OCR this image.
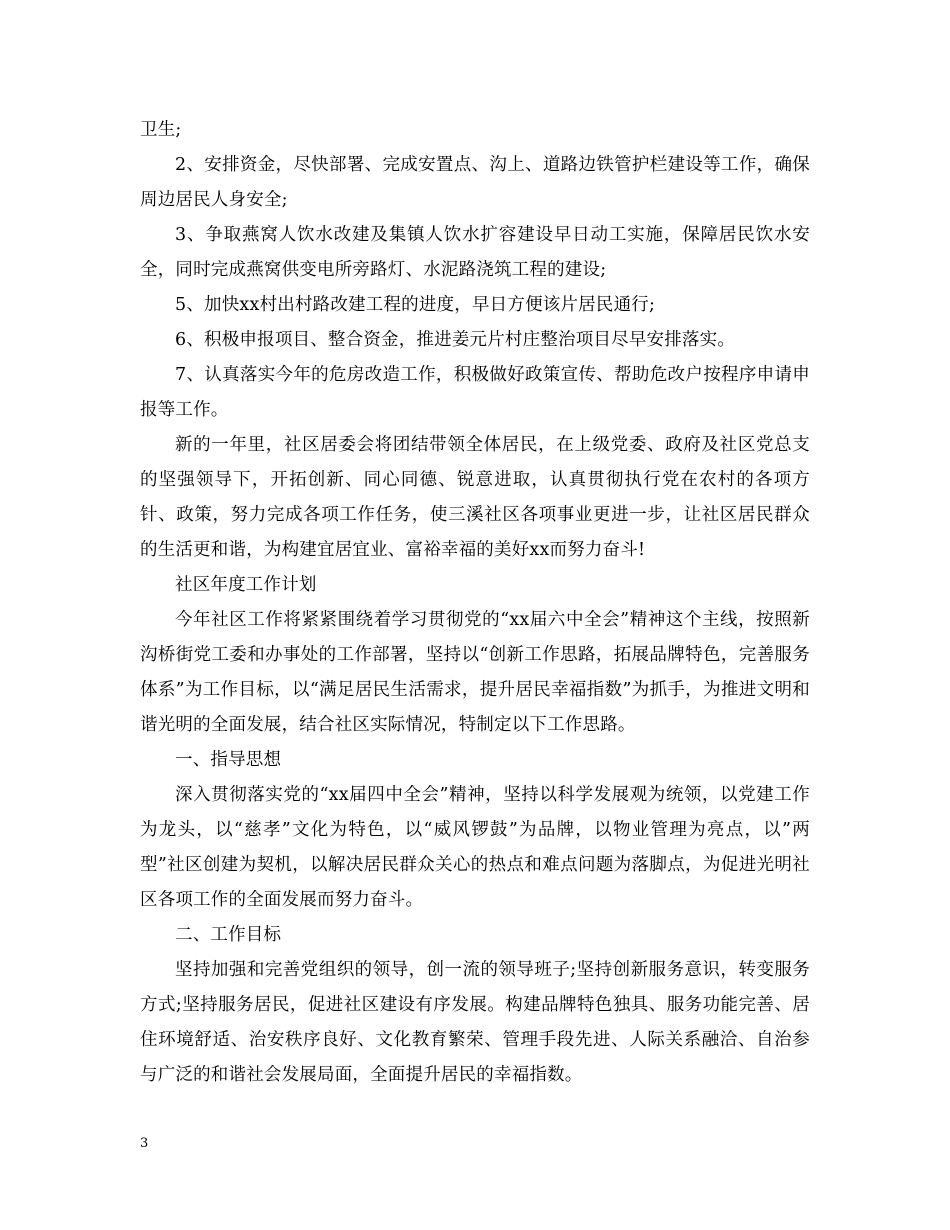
卫生;

2、安排资金，尽快部署、完成安置点、沟上、道路边铁管护栏建设等工作，确保周边居民人身安全;

3、争取燕窝人饮水改建及集镇人饮水扩容建设早日动工实施，保障居民饮水安全，同时完成燕窝供变电所旁路灯、水泥路浇筑工程的建设;

5、加快xx村出村路改建工程的进度，早日方便该片居民通行;

6、积极申报项目、整合资金，推进姜元片村庄整治项目尽早安排落实。

7、认真落实今年的危房改造工作，积极做好政策宣传、帮助危改户按程序申请申报等工作。

新的一年里，社区居委会将团结带领全体居民，在上级党委、政府及社区党总支的坚强领导下，开拓创新、同心同德、锐意进取，认真贯彻执行党在农村的各项方针、政策，努力完成各项工作任务，使三溪社区各项事业更进一步，让社区居民群众的生活更和谐，为构建宜居宜业、富裕幸福的美好xx而努力奋斗!

社区年度工作计划

今年社区工作将紧紧围绕着学习贯彻党的“xx届六中全会”精神这个主线，按照新沟桥街党工委和办事处的工作部署，坚持以“创新工作思路，拓展品牌特色，完善服务体系”为工作目标，以“满足居民生活需求，提升居民幸福指数”为抓手，为推进文明和谐光明的全面发展，结合社区实际情况，特制定以下工作思路。

一、指导思想

深入贯彻落实党的“xx届四中全会”精神，坚持以科学发展观为统领，以党建工作为龙头，以“慈孝”文化为特色，以“威风锣鼓”为品牌，以物业管理为亮点，以”两型”社区创建为契机，以解决居民群众关心的热点和难点问题为落脚点，为促进光明社区各项工作的全面发展而努力奋斗。

二、工作目标

坚持加强和完善党组织的领导，创一流的领导班子;坚持创新服务意识，转变服务方式;坚持服务居民，促进社区建设有序发展。构建品牌特色独具、服务功能完善、居住环境舒适、治安秩序良好、文化教育繁荣、管理手段先进、人际关系融洽、自治参与广泛的和谐社会发展局面，全面提升居民的幸福指数。

3
